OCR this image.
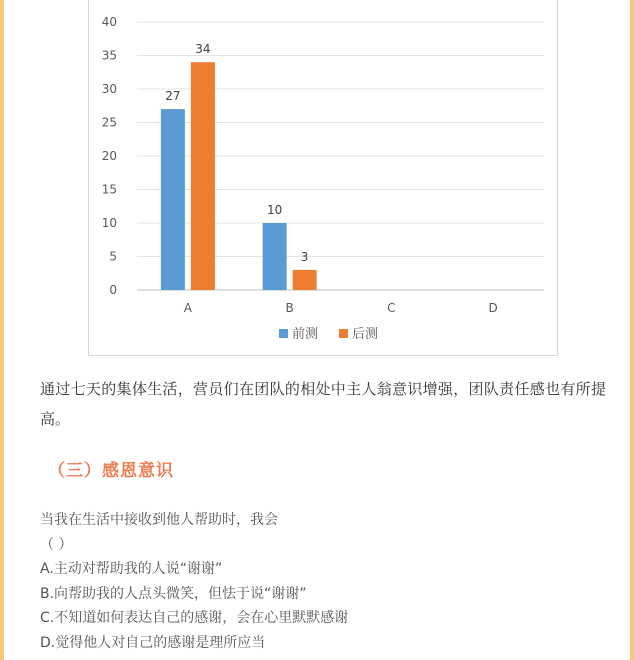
0
5
10
15
20
25
30
35
40
A
27
34
B
10
3
C	D
前测	后测

通过七天的集体生活，营员们在团队的相处中主人翁意识增强，团队责任感也有所提高。

（三）感恩意识
当我在生活中接收到他人帮助时，我会
（ ）
A.主动对帮助我的人说“谢谢”
B.向帮助我的人点头微笑，但怯于说“谢谢”
C.不知道如何表达自己的感谢，会在心里默默感谢
D.觉得他人对自己的感谢是理所应当
